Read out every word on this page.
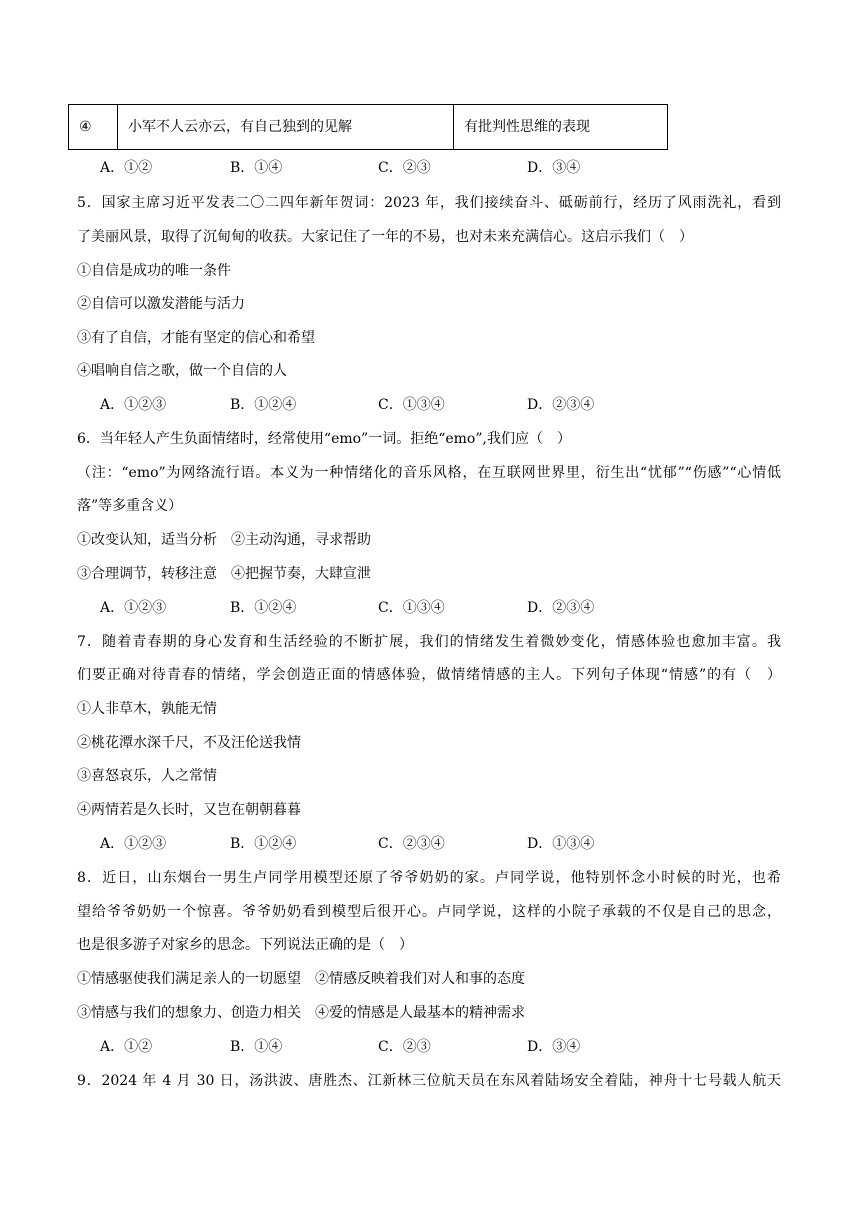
④	小军不人云亦云，有自己独到的见解	有批判性思维的表现
A．①②	B．①④	C．②③	D．③④
5．国家主席习近平发表二〇二四年新年贺词：2023 年，我们接续奋斗、砥砺前行，经历了风雨洗礼，看到
了美丽风景，取得了沉甸甸的收获。大家记住了一年的不易，也对未来充满信心。这启示我们（　）
①自信是成功的唯一条件
②自信可以激发潜能与活力
③有了自信，才能有坚定的信心和希望
④唱响自信之歌，做一个自信的人
A．①②③	B．①②④	C．①③④	D．②③④
6．当年轻人产生负面情绪时，经常使用“emo”一词。拒绝“emo”,我们应（　）
（注：“emo”为网络流行语。本义为一种情绪化的音乐风格，在互联网世界里，衍生出“忧郁”“伤感”“心情低
落”等多重含义）
①改变认知，适当分析　②主动沟通，寻求帮助
③合理调节，转移注意　④把握节奏，大肆宣泄
A．①②③	B．①②④	C．①③④	D．②③④
7．随着青春期的身心发育和生活经验的不断扩展，我们的情绪发生着微妙变化，情感体验也愈加丰富。我
们要正确对待青春的情绪，学会创造正面的情感体验，做情绪情感的主人。下列句子体现“情感”的有（　）
①人非草木，孰能无情
②桃花潭水深千尺，不及汪伦送我情
③喜怒哀乐，人之常情
④两情若是久长时，又岂在朝朝暮暮
A．①②③	B．①②④	C．②③④	D．①③④
8．近日，山东烟台一男生卢同学用模型还原了爷爷奶奶的家。卢同学说，他特别怀念小时候的时光，也希
望给爷爷奶奶一个惊喜。爷爷奶奶看到模型后很开心。卢同学说，这样的小院子承载的不仅是自己的思念，
也是很多游子对家乡的思念。下列说法正确的是（　）
①情感驱使我们满足亲人的一切愿望　②情感反映着我们对人和事的态度
③情感与我们的想象力、创造力相关　④爱的情感是人最基本的精神需求
A．①②	B．①④	C．②③	D．③④
9．2024 年 4 月 30 日，汤洪波、唐胜杰、江新林三位航天员在东风着陆场安全着陆，神舟十七号载人航天
